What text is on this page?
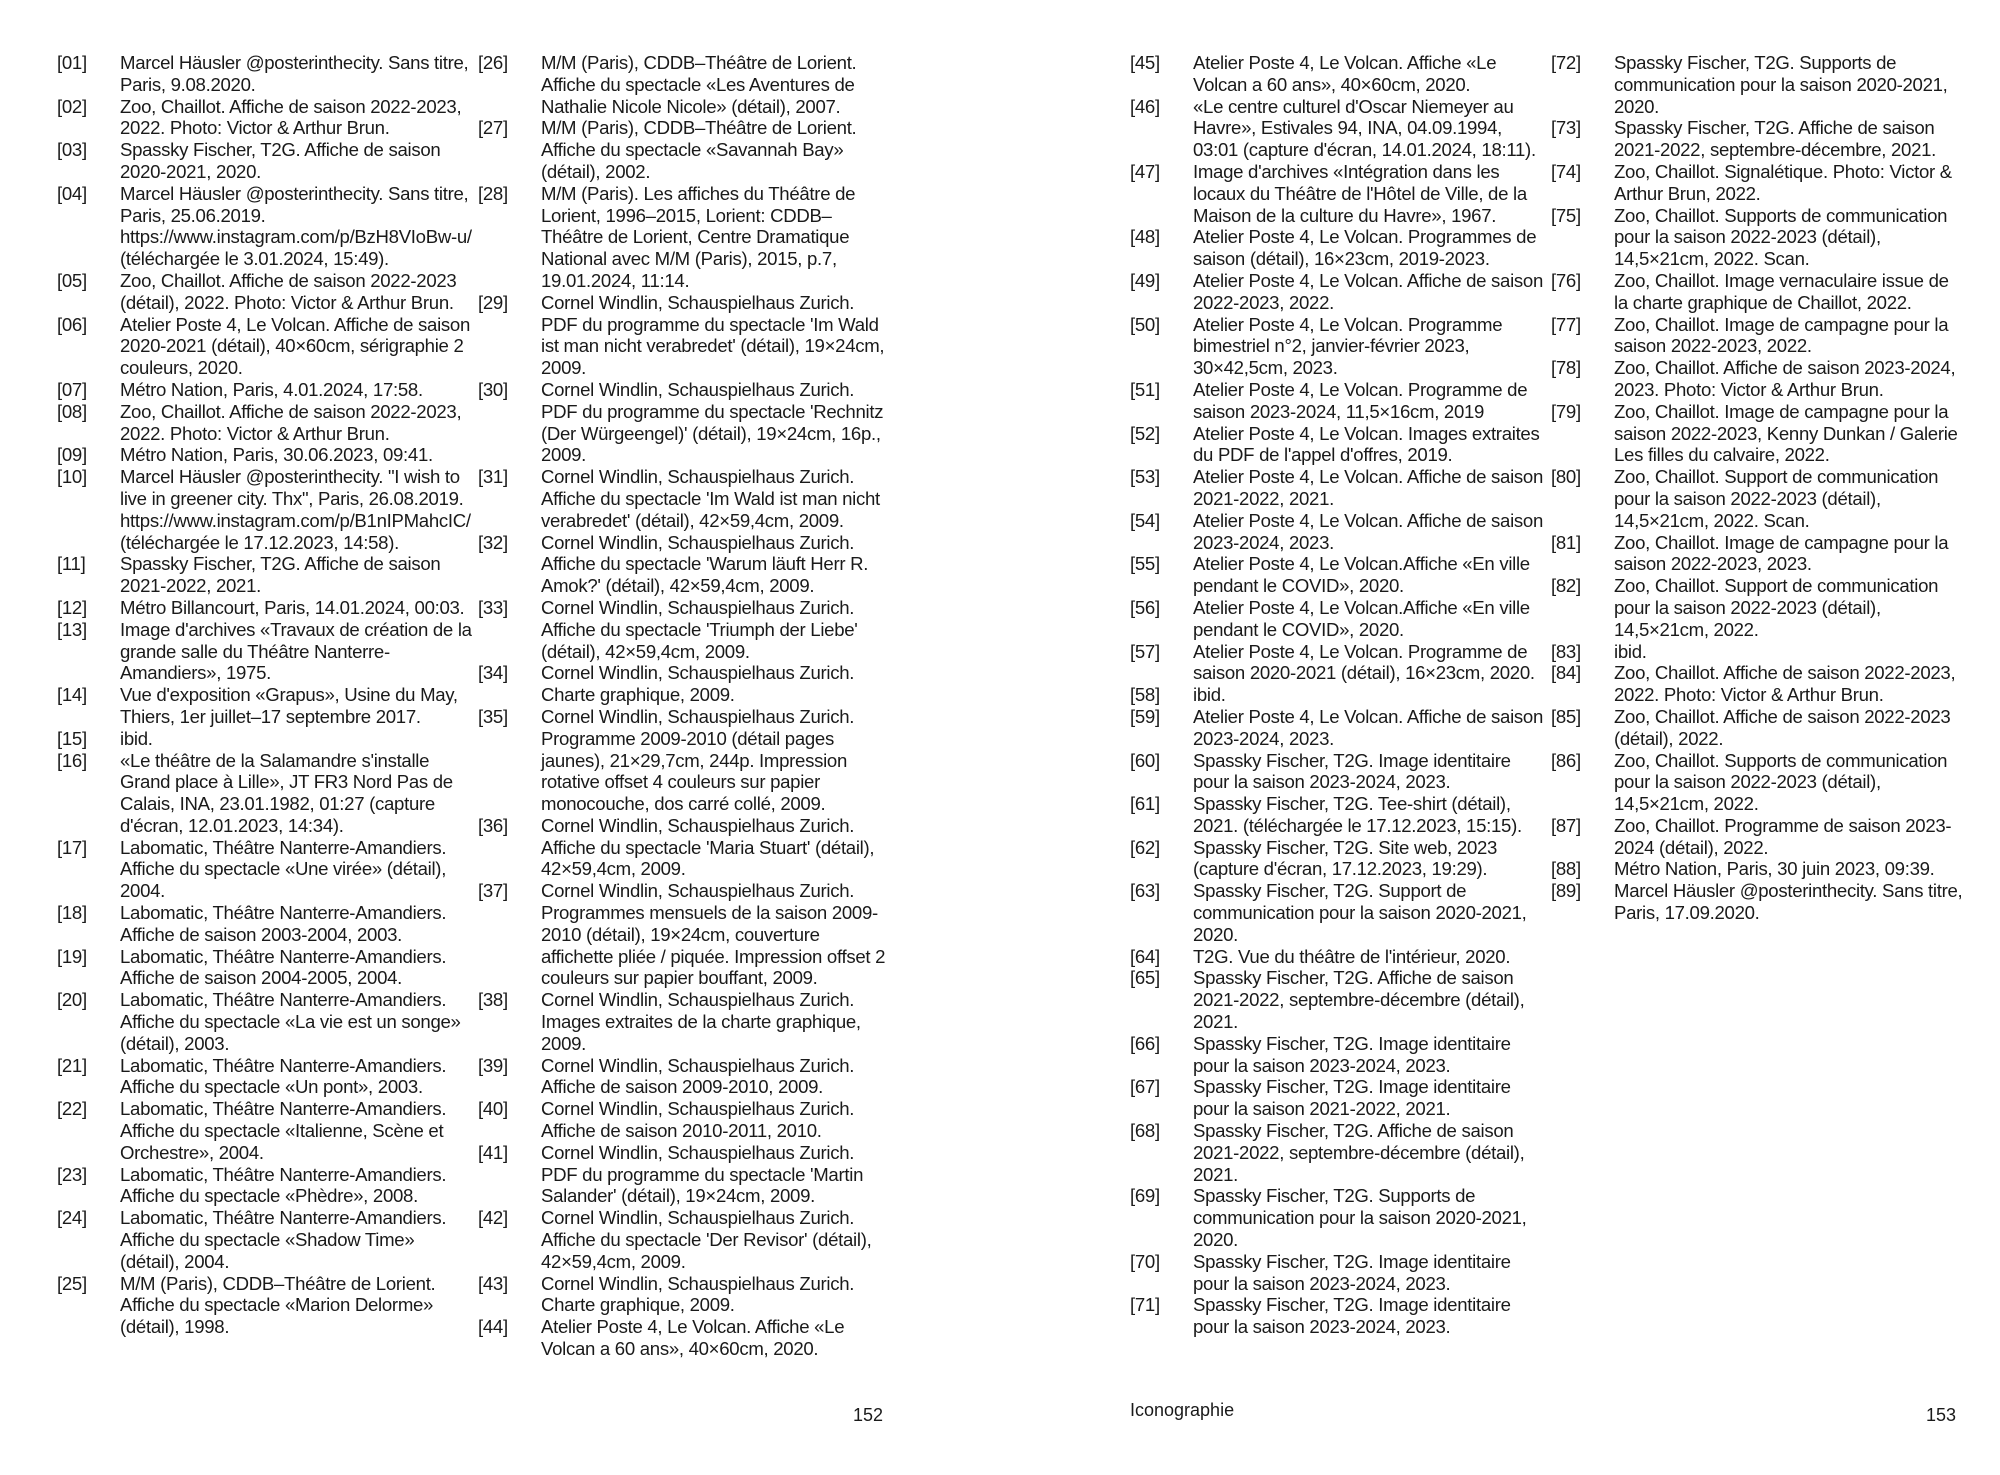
[01]	Marcel Häusler @posterinthecity. Sans titre, Paris, 9.08.2020.
[02]	Zoo, Chaillot. Affiche de saison 2022-2023, 2022. Photo: Victor & Arthur Brun.
[03]	Spassky Fischer, T2G. Affiche de saison 2020-2021, 2020.
[04]	Marcel Häusler @posterinthecity. Sans titre, Paris, 25.06.2019. https://www.instagram.com/p/BzH8VIoBw-u/ (téléchargée le 3.01.2024, 15:49).
[05]	Zoo, Chaillot. Affiche de saison 2022-2023 (détail), 2022. Photo: Victor & Arthur Brun.
[06]	Atelier Poste 4, Le Volcan. Affiche de saison 2020-2021 (détail), 40×60cm, sérigraphie 2 couleurs, 2020.
[07]	Métro Nation, Paris, 4.01.2024, 17:58.
[08]	Zoo, Chaillot. Affiche de saison 2022-2023, 2022. Photo: Victor & Arthur Brun.
[09]	Métro Nation, Paris, 30.06.2023, 09:41.
[10]	Marcel Häusler @posterinthecity. "I wish to live in greener city. Thx", Paris, 26.08.2019. https://www.instagram.com/p/B1nIPMahcIC/ (téléchargée le 17.12.2023, 14:58).
[11]	Spassky Fischer, T2G. Affiche de saison 2021-2022, 2021.
[12]	Métro Billancourt, Paris, 14.01.2024, 00:03.
[13]	Image d'archives «Travaux de création de la grande salle du Théâtre Nanterre-Amandiers», 1975.
[14]	Vue d'exposition «Grapus», Usine du May, Thiers, 1er juillet–17 septembre 2017.
[15]	ibid.
[16]	«Le théâtre de la Salamandre s'installe Grand place à Lille», JT FR3 Nord Pas de Calais, INA, 23.01.1982, 01:27 (capture d'écran, 12.01.2023, 14:34).
[17]	Labomatic, Théâtre Nanterre-Amandiers. Affiche du spectacle «Une virée» (détail), 2004.
[18]	Labomatic, Théâtre Nanterre-Amandiers. Affiche de saison 2003-2004, 2003.
[19]	Labomatic, Théâtre Nanterre-Amandiers. Affiche de saison 2004-2005, 2004.
[20]	Labomatic, Théâtre Nanterre-Amandiers. Affiche du spectacle «La vie est un songe» (détail), 2003.
[21]	Labomatic, Théâtre Nanterre-Amandiers. Affiche du spectacle «Un pont», 2003.
[22]	Labomatic, Théâtre Nanterre-Amandiers. Affiche du spectacle «Italienne, Scène et Orchestre», 2004.
[23]	Labomatic, Théâtre Nanterre-Amandiers. Affiche du spectacle «Phèdre», 2008.
[24]	Labomatic, Théâtre Nanterre-Amandiers. Affiche du spectacle «Shadow Time» (détail), 2004.
[25]	M/M (Paris), CDDB–Théâtre de Lorient. Affiche du spectacle «Marion Delorme» (détail), 1998.
[26]	M/M (Paris), CDDB–Théâtre de Lorient. Affiche du spectacle «Les Aventures de Nathalie Nicole Nicole» (détail), 2007.
[27]	M/M (Paris), CDDB–Théâtre de Lorient. Affiche du spectacle «Savannah Bay» (détail), 2002.
[28]	M/M (Paris). Les affiches du Théâtre de Lorient, 1996–2015, Lorient: CDDB–Théâtre de Lorient, Centre Dramatique National avec M/M (Paris), 2015, p.7, 19.01.2024, 11:14.
[29]	Cornel Windlin, Schauspielhaus Zurich. PDF du programme du spectacle 'Im Wald ist man nicht verabredet' (détail), 19×24cm, 2009.
[30]	Cornel Windlin, Schauspielhaus Zurich. PDF du programme du spectacle 'Rechnitz (Der Würgeengel)' (détail), 19×24cm, 16p., 2009.
[31]	Cornel Windlin, Schauspielhaus Zurich. Affiche du spectacle 'Im Wald ist man nicht verabredet' (détail), 42×59,4cm, 2009.
[32]	Cornel Windlin, Schauspielhaus Zurich. Affiche du spectacle 'Warum läuft Herr R. Amok?' (détail), 42×59,4cm, 2009.
[33]	Cornel Windlin, Schauspielhaus Zurich. Affiche du spectacle 'Triumph der Liebe' (détail), 42×59,4cm, 2009.
[34]	Cornel Windlin, Schauspielhaus Zurich. Charte graphique, 2009.
[35]	Cornel Windlin, Schauspielhaus Zurich. Programme 2009-2010 (détail pages jaunes), 21×29,7cm, 244p. Impression rotative offset 4 couleurs sur papier monocouche, dos carré collé, 2009.
[36]	Cornel Windlin, Schauspielhaus Zurich. Affiche du spectacle 'Maria Stuart' (détail), 42×59,4cm, 2009.
[37]	Cornel Windlin, Schauspielhaus Zurich. Programmes mensuels de la saison 2009-2010 (détail), 19×24cm, couverture affichette pliée / piquée. Impression offset 2 couleurs sur papier bouffant, 2009.
[38]	Cornel Windlin, Schauspielhaus Zurich. Images extraites de la charte graphique, 2009.
[39]	Cornel Windlin, Schauspielhaus Zurich. Affiche de saison 2009-2010, 2009.
[40]	Cornel Windlin, Schauspielhaus Zurich. Affiche de saison 2010-2011, 2010.
[41]	Cornel Windlin, Schauspielhaus Zurich. PDF du programme du spectacle 'Martin Salander' (détail), 19×24cm, 2009.
[42]	Cornel Windlin, Schauspielhaus Zurich. Affiche du spectacle 'Der Revisor' (détail), 42×59,4cm, 2009.
[43]	Cornel Windlin, Schauspielhaus Zurich. Charte graphique, 2009.
[44]	Atelier Poste 4, Le Volcan. Affiche «Le Volcan a 60 ans», 40×60cm, 2020.
152
[45]	Atelier Poste 4, Le Volcan. Affiche «Le Volcan a 60 ans», 40×60cm, 2020.
[46]	«Le centre culturel d'Oscar Niemeyer au Havre», Estivales 94, INA, 04.09.1994, 03:01 (capture d'écran, 14.01.2024, 18:11).
[47]	Image d'archives «Intégration dans les locaux du Théâtre de l'Hôtel de Ville, de la Maison de la culture du Havre», 1967.
[48]	Atelier Poste 4, Le Volcan. Programmes de saison (détail), 16×23cm, 2019-2023.
[49]	Atelier Poste 4, Le Volcan. Affiche de saison 2022-2023, 2022.
[50]	Atelier Poste 4, Le Volcan. Programme bimestriel n°2, janvier-février 2023, 30×42,5cm, 2023.
[51]	Atelier Poste 4, Le Volcan. Programme de saison 2023-2024, 11,5×16cm, 2019
[52]	Atelier Poste 4, Le Volcan. Images extraites du PDF de l'appel d'offres, 2019.
[53]	Atelier Poste 4, Le Volcan. Affiche de saison 2021-2022, 2021.
[54]	Atelier Poste 4, Le Volcan. Affiche de saison 2023-2024, 2023.
[55]	Atelier Poste 4, Le Volcan.Affiche «En ville pendant le COVID», 2020.
[56]	Atelier Poste 4, Le Volcan.Affiche «En ville pendant le COVID», 2020.
[57]	Atelier Poste 4, Le Volcan. Programme de saison 2020-2021 (détail), 16×23cm, 2020.
[58]	ibid.
[59]	Atelier Poste 4, Le Volcan. Affiche de saison 2023-2024, 2023.
[60]	Spassky Fischer, T2G. Image identitaire pour la saison 2023-2024, 2023.
[61]	Spassky Fischer, T2G. Tee-shirt (détail), 2021. (téléchargée le 17.12.2023, 15:15).
[62]	Spassky Fischer, T2G. Site web, 2023 (capture d'écran, 17.12.2023, 19:29).
[63]	Spassky Fischer, T2G. Support de communication pour la saison 2020-2021, 2020.
[64]	T2G. Vue du théâtre de l'intérieur, 2020.
[65]	Spassky Fischer, T2G. Affiche de saison 2021-2022, septembre-décembre (détail), 2021.
[66]	Spassky Fischer, T2G. Image identitaire pour la saison 2023-2024, 2023.
[67]	Spassky Fischer, T2G. Image identitaire pour la saison 2021-2022, 2021.
[68]	Spassky Fischer, T2G. Affiche de saison 2021-2022, septembre-décembre (détail), 2021.
[69]	Spassky Fischer, T2G. Supports de communication pour la saison 2020-2021, 2020.
[70]	Spassky Fischer, T2G. Image identitaire pour la saison 2023-2024, 2023.
[71]	Spassky Fischer, T2G. Image identitaire pour la saison 2023-2024, 2023.
[72]	Spassky Fischer, T2G. Supports de communication pour la saison 2020-2021, 2020.
[73]	Spassky Fischer, T2G. Affiche de saison 2021-2022, septembre-décembre, 2021.
[74]	Zoo, Chaillot. Signalétique. Photo: Victor & Arthur Brun, 2022.
[75]	Zoo, Chaillot. Supports de communication pour la saison 2022-2023 (détail), 14,5×21cm, 2022. Scan.
[76]	Zoo, Chaillot. Image vernaculaire issue de la charte graphique de Chaillot, 2022.
[77]	Zoo, Chaillot. Image de campagne pour la saison 2022-2023, 2022.
[78]	Zoo, Chaillot. Affiche de saison 2023-2024, 2023. Photo: Victor & Arthur Brun.
[79]	Zoo, Chaillot. Image de campagne pour la saison 2022-2023, Kenny Dunkan / Galerie Les filles du calvaire, 2022.
[80]	Zoo, Chaillot. Support de communication pour la saison 2022-2023 (détail), 14,5×21cm, 2022. Scan.
[81]	Zoo, Chaillot. Image de campagne pour la saison 2022-2023, 2023.
[82]	Zoo, Chaillot. Support de communication pour la saison 2022-2023 (détail), 14,5×21cm, 2022.
[83]	ibid.
[84]	Zoo, Chaillot. Affiche de saison 2022-2023, 2022. Photo: Victor & Arthur Brun.
[85]	Zoo, Chaillot. Affiche de saison 2022-2023 (détail), 2022.
[86]	Zoo, Chaillot. Supports de communication pour la saison 2022-2023 (détail), 14,5×21cm, 2022.
[87]	Zoo, Chaillot. Programme de saison 2023-2024 (détail), 2022.
[88]	Métro Nation, Paris, 30 juin 2023, 09:39.
[89]	Marcel Häusler @posterinthecity. Sans titre, Paris, 17.09.2020.
Iconographie	153
